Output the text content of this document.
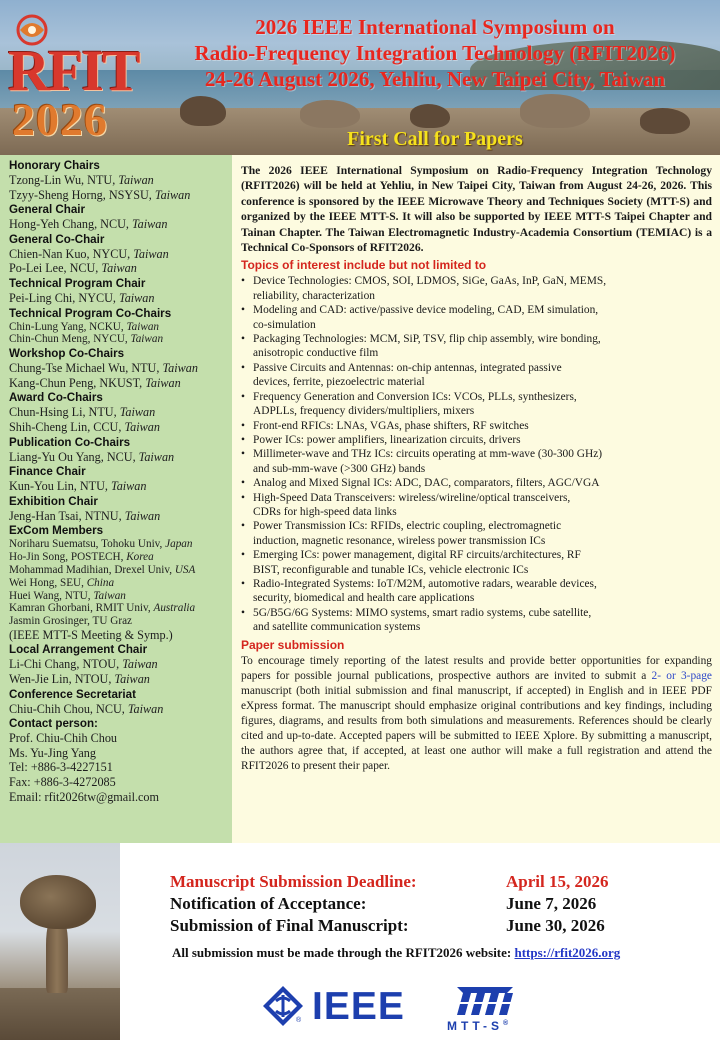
RFIT
2026
2026 IEEE International Symposium on
Radio-Frequency Integration Technology (RFIT2026)
24-26 August 2026, Yehliu, New Taipei City, Taiwan
First Call for Papers
Honorary Chairs
Tzong-Lin Wu, NTU, Taiwan
Tzyy-Sheng Horng, NSYSU, Taiwan
General Chair
Hong-Yeh Chang, NCU, Taiwan
General Co-Chair
Chien-Nan Kuo, NYCU, Taiwan
Po-Lei Lee, NCU, Taiwan
Technical Program Chair
Pei-Ling Chi, NYCU, Taiwan
Technical Program Co-Chairs
Chin-Lung Yang, NCKU, Taiwan
Chin-Chun Meng, NYCU, Taiwan
Workshop Co-Chairs
Chung-Tse Michael Wu, NTU, Taiwan
Kang-Chun Peng, NKUST, Taiwan
Award Co-Chairs
Chun-Hsing Li, NTU, Taiwan
Shih-Cheng Lin, CCU, Taiwan
Publication Co-Chairs
Liang-Yu Ou Yang, NCU, Taiwan
Finance Chair
Kun-You Lin, NTU, Taiwan
Exhibition Chair
Jeng-Han Tsai, NTNU, Taiwan
ExCom Members
Noriharu Suematsu, Tohoku Univ, Japan
Ho-Jin Song, POSTECH, Korea
Mohammad Madihian, Drexel Univ, USA
Wei Hong, SEU, China
Huei Wang, NTU, Taiwan
Kamran Ghorbani, RMIT Univ, Australia
Jasmin Grosinger, TU Graz
(IEEE MTT-S Meeting & Symp.)
Local Arrangement Chair
Li-Chi Chang, NTOU, Taiwan
Wen-Jie Lin, NTOU, Taiwan
Conference Secretariat
Chiu-Chih Chou, NCU, Taiwan
Contact person:
Prof. Chiu-Chih Chou
Ms. Yu-Jing Yang
Tel: +886-3-4227151
Fax: +886-3-4272085
Email: rfit2026tw@gmail.com

The 2026 IEEE International Symposium on Radio-Frequency Integration Technology (RFIT2026) will be held at Yehliu, in New Taipei City, Taiwan from August 24-26, 2026. This conference is sponsored by the IEEE Microwave Theory and Techniques Society (MTT-S) and organized by the IEEE MTT-S. It will also be supported by IEEE MTT-S Taipei Chapter and Tainan Chapter. The Taiwan Electromagnetic Industry-Academia Consortium (TEMIAC) is a Technical Co-Sponsors of RFIT2026.

Topics of interest include but not limited to
• Device Technologies: CMOS, SOI, LDMOS, SiGe, GaAs, InP, GaN, MEMS,
reliability, characterization
• Modeling and CAD: active/passive device modeling, CAD, EM simulation,
co-simulation
• Packaging Technologies: MCM, SiP, TSV, flip chip assembly, wire bonding,
anisotropic conductive film
• Passive Circuits and Antennas: on-chip antennas, integrated passive
devices, ferrite, piezoelectric material
• Frequency Generation and Conversion ICs: VCOs, PLLs, synthesizers,
ADPLLs, frequency dividers/multipliers, mixers
• Front-end RFICs: LNAs, VGAs, phase shifters, RF switches
• Power ICs: power amplifiers, linearization circuits, drivers
• Millimeter-wave and THz ICs: circuits operating at mm-wave (30-300 GHz)
and sub-mm-wave (>300 GHz) bands
• Analog and Mixed Signal ICs: ADC, DAC, comparators, filters, AGC/VGA
• High-Speed Data Transceivers: wireless/wireline/optical transceivers,
CDRs for high-speed data links
• Power Transmission ICs: RFIDs, electric coupling, electromagnetic
induction, magnetic resonance, wireless power transmission ICs
• Emerging ICs: power management, digital RF circuits/architectures, RF
BIST, reconfigurable and tunable ICs, vehicle electronic ICs
• Radio-Integrated Systems: IoT/M2M, automotive radars, wearable devices,
security, biomedical and health care applications
• 5G/B5G/6G Systems: MIMO systems, smart radio systems, cube satellite,
and satellite communication systems
Paper submission

To encourage timely reporting of the latest results and provide better opportunities for expanding papers for possible journal publications, prospective authors are invited to submit a 2- or 3-page manuscript (both initial submission and final manuscript, if accepted) in English and in IEEE PDF eXpress format. The manuscript should emphasize original contributions and key findings, including figures, diagrams, and results from both simulations and measurements. References should be clearly cited and up-to-date. Accepted papers will be submitted to IEEE Xplore. By submitting a manuscript, the authors agree that, if accepted, at least one author will make a full registration and attend the RFIT2026 to present their paper.

Manuscript Submission Deadline:	April 15, 2026
Notification of Acceptance:	June 7, 2026
Submission of Final Manuscript:	June 30, 2026
All submission must be made through the RFIT2026 website: https://rfit2026.org
® IEEE	MTT-S®
